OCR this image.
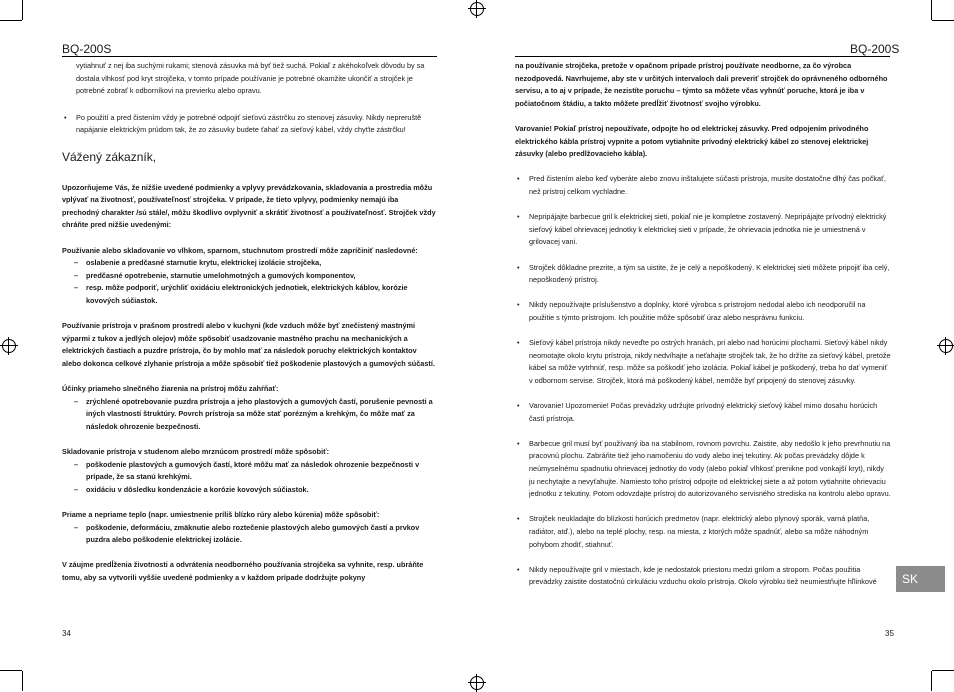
BQ-200S

vytiahnuť z nej iba suchými rukami; stenová zásuvka má byť tiež suchá. Pokiaľ z akéhokoľvek dôvodu by sa dostala vlhkosť pod kryt strojčeka, v tomto prípade používanie je potrebné okamžite ukončiť a strojček je potrebné zobrať k odborníkovi na previerku alebo opravu.

• Po použití a pred čistením vždy je potrebné odpojiť sieťovú zástrčku zo stenovej zásuvky. Nikdy nepreruště napájanie elektrickým prúdom tak, že zo zásuvky budete ťahať za sieťový kábel, vždy chyťte zástrčku!

Vážený zákazník,

Upozorňujeme Vás, že nižšie uvedené podmienky a vplyvy prevádzkovania, skladovania a prostredia môžu vplývať na životnosť, používateľnosť strojčeka. V prípade, že tieto vplyvy, podmienky nemajú iba prechodný charakter /sú stále/, môžu škodlivo ovplyvniť a skrátiť životnosť a používateľnosť. Strojček vždy chráňte pred nižšie uvedenými:

Používanie alebo skladovanie vo vlhkom, sparnom, stuchnutom prostredí môže zapríčiniť nasledovné:
– oslabenie a predčasné starnutie krytu, elektrickej izolácie strojčeka,
– predčasné opotrebenie, starnutie umelohmotných a gumových komponentov,
– resp. môže podporiť, urýchliť oxidáciu elektronických jednotiek, elektrických káblov, korózie kovových súčiastok.

Používanie prístroja v prašnom prostredí alebo v kuchyni (kde vzduch môže byť znečistený mastnými výparmi z tukov a jedlých olejov) môže spôsobiť usadzovanie mastného prachu na mechanických a elektrických častiach a puzdre prístroja, čo by mohlo mať za následok poruchy elektrických kontaktov alebo dokonca celkové zlyhanie prístroja a môže spôsobiť tiež poškodenie plastových a gumových súčastí.

Účinky priameho slnečného žiarenia na prístroj môžu zahŕňať:
– zrýchlené opotrebovanie puzdra prístroja a jeho plastových a gumových častí, porušenie pevnosti a iných vlastností štruktúry. Povrch prístroja sa môže stať porézným a krehkým, čo môže mať za následok ohrozenie bezpečnosti.

Skladovanie prístroja v studenom alebo mrznúcom prostredí môže spôsobiť:
– poškodenie plastových a gumových častí, ktoré môžu mať za následok ohrozenie bezpečnosti v prípade, že sa stanú krehkými.
– oxidáciu v dôsledku kondenzácie a korózie kovových súčiastok.

Priame a nepriame teplo (napr. umiestnenie príliš blízko rúry alebo kúrenia) môže spôsobiť:
– poškodenie, deformáciu, zmäknutie alebo roztečenie plastových alebo gumových častí a prvkov puzdra alebo poškodenie elektrickej izolácie.

V záujme predĺženia životnosti a odvrátenia neodborného používania strojčeka sa vyhnite, resp. ubráňte tomu, aby sa vytvorili vyššie uvedené podmienky a v každom prípade dodržujte pokyny

34
BQ-200S

na používanie strojčeka, pretože v opačnom prípade prístroj používate neodborne, za čo výrobca nezodpovedá. Navrhujeme, aby ste v určitých intervaloch dali preveriť strojček do oprávneného odborného servisu, a to aj v prípade, že nezistíte poruchu – týmto sa môžete včas vyhnúť poruche, ktorá je iba v počiatočnom štádiu, a takto môžete predĺžiť životnosť svojho výrobku.

Varovanie! Pokiaľ prístroj nepoužívate, odpojte ho od elektrickej zásuvky. Pred odpojením prívodného elektrického kábla prístroj vypnite a potom vytiahnite prívodný elektrický kábel zo stenovej elektrickej zásuvky (alebo predlžovacieho kábla).

• Pred čistením alebo keď vyberáte alebo znovu inštalujete súčasti prístroja, musíte dostatočne dlhý čas počkať, než prístroj celkom vychladne.

• Nepripájajte barbecue gril k elektrickej sieti, pokiaľ nie je kompletne zostavený. Nepripájajte prívodný elektrický sieťový kábel ohrievacej jednotky k elektrickej sieti v prípade, že ohrievacia jednotka nie je umiestnená v grilovacej vani.

• Strojček dôkladne prezrite, a tým sa uistite, že je celý a nepoškodený. K elektrickej sieti môžete pripojiť iba celý, nepoškodený prístroj.

• Nikdy nepoužívajte príslušenstvo a doplnky, ktoré výrobca s prístrojom nedodal alebo ich neodporučil na použitie s týmto prístrojom. Ich použitie môže spôsobiť úraz alebo nesprávnu funkciu.

• Sieťový kábel prístroja nikdy neveďte po ostrých hranách, pri alebo nad horúcimi plochami. Sieťový kábel nikdy neomotajte okolo krytu prístroja, nikdy nedvíhajte a neťahajte strojček tak, že ho držíte za sieťový kábel, pretože kábel sa môže vytrhnúť, resp. môže sa poškodiť jeho izolácia. Pokiaľ kábel je poškodený, treba ho dať vymeniť v odbornom servise. Strojček, ktorá má poškodený kábel, nemôže byť pripojený do stenovej zásuvky.

• Varovanie! Upozornenie! Počas prevádzky udržujte prívodný elektrický sieťový kábel mimo dosahu horúcich častí prístroja.

• Barbecue gril musí byť používaný iba na stabilnom, rovnom povrchu. Zaistite, aby nedošlo k jeho prevrhnutiu na pracovnú plochu. Zabráňte tiež jeho namočeniu do vody alebo inej tekutiny. Ak počas prevádzky dôjde k neúmyselnému spadnutiu ohrievacej jednotky do vody (alebo pokiaľ vlhkosť prenikne pod vonkajší kryt), nikdy ju nechytajte a nevyťahujte. Namiesto toho prístroj odpojte od elektrickej siete a až potom vytiahnite ohrievaciu jednotku z tekutiny. Potom odovzdajte prístroj do autorizovaného servisného strediska na kontrolu alebo opravu.

• Strojček neukladajte do blízkosti horúcich predmetov (napr. elektrický alebo plynový sporák, varná platňa, radiátor, atď.), alebo na teplé plochy, resp. na miesta, z ktorých môže spadnúť, alebo sa môže náhodným pohybom zhodiť, stiahnuť.

• Nikdy nepoužívajte gril v miestach, kde je nedostatok priestoru medzi grilom a stropom. Počas použitia prevádzky zaistite dostatočnú cirkuláciu vzduchu okolo prístroja. Okolo výrobku tiež neumiestňujte hľlinkové

35
SK
